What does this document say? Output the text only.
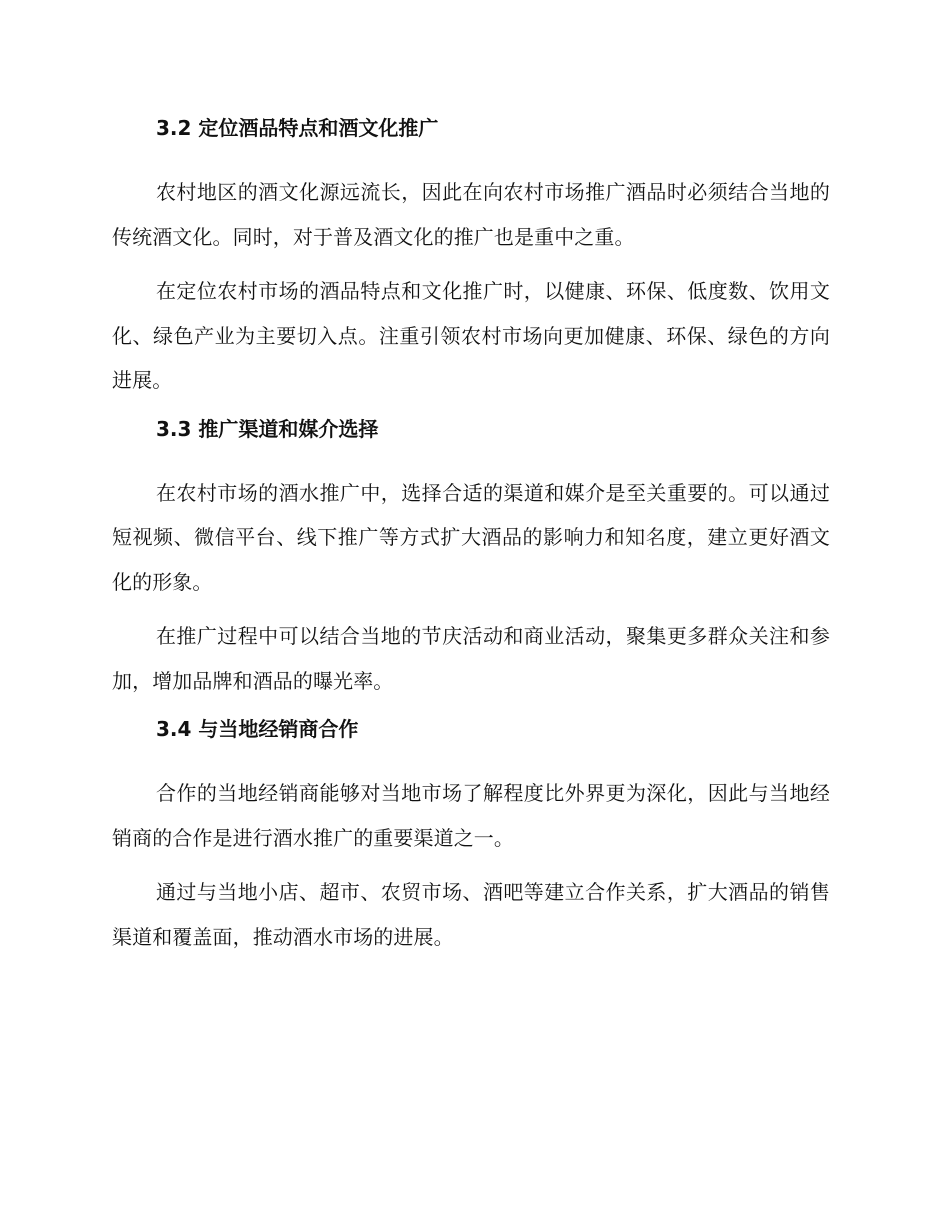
3.2 定位酒品特点和酒文化推广

农村地区的酒文化源远流长，因此在向农村市场推广酒品时必须结合当地的传统酒文化。同时，对于普及酒文化的推广也是重中之重。

在定位农村市场的酒品特点和文化推广时，以健康、环保、低度数、饮用文化、绿色产业为主要切入点。注重引领农村市场向更加健康、环保、绿色的方向进展。

3.3 推广渠道和媒介选择

在农村市场的酒水推广中，选择合适的渠道和媒介是至关重要的。可以通过短视频、微信平台、线下推广等方式扩大酒品的影响力和知名度，建立更好酒文化的形象。

在推广过程中可以结合当地的节庆活动和商业活动，聚集更多群众关注和参加，增加品牌和酒品的曝光率。

3.4 与当地经销商合作

合作的当地经销商能够对当地市场了解程度比外界更为深化，因此与当地经销商的合作是进行酒水推广的重要渠道之一。

通过与当地小店、超市、农贸市场、酒吧等建立合作关系，扩大酒品的销售渠道和覆盖面，推动酒水市场的进展。
